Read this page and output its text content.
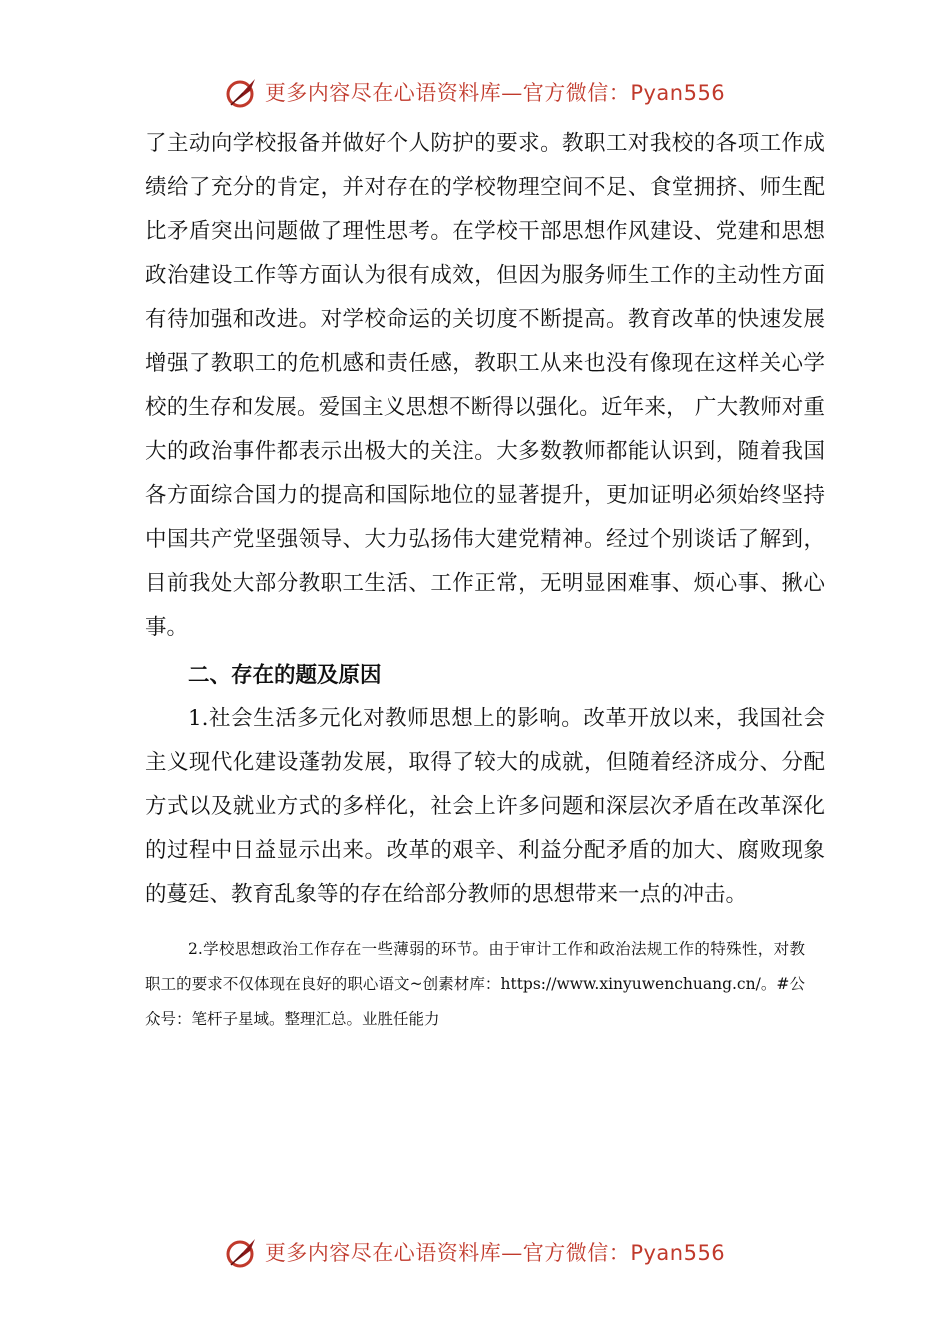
更多内容尽在心语资料库—官方微信：Pyan556

了主动向学校报备并做好个人防护的要求。教职工对我校的各项工作成绩给了充分的肯定，并对存在的学校物理空间不足、食堂拥挤、师生配比矛盾突出问题做了理性思考。在学校干部思想作风建设、党建和思想政治建设工作等方面认为很有成效，但因为服务师生工作的主动性方面有待加强和改进。对学校命运的关切度不断提高。教育改革的快速发展增强了教职工的危机感和责任感，教职工从来也没有像现在这样关心学校的生存和发展。爱国主义思想不断得以强化。近年来， 广大教师对重大的政治事件都表示出极大的关注。大多数教师都能认识到，随着我国各方面综合国力的提高和国际地位的显著提升，更加证明必须始终坚持中国共产党坚强领导、大力弘扬伟大建党精神。经过个别谈话了解到，目前我处大部分教职工生活、工作正常，无明显困难事、烦心事、揪心事。

二、存在的题及原因

1.社会生活多元化对教师思想上的影响。改革开放以来，我国社会主义现代化建设蓬勃发展，取得了较大的成就，但随着经济成分、分配方式以及就业方式的多样化，社会上许多问题和深层次矛盾在改革深化的过程中日益显示出来。改革的艰辛、利益分配矛盾的加大、腐败现象的蔓廷、教育乱象等的存在给部分教师的思想带来一点的冲击。

2.学校思想政治工作存在一些薄弱的环节。由于审计工作和政治法规工作的特殊性，对教职工的要求不仅体现在良好的职心语文~创素材库：https://www.xinyuwenchuang.cn/。#公众号：笔杆子星域。整理汇总。业胜任能力

更多内容尽在心语资料库—官方微信：Pyan556
